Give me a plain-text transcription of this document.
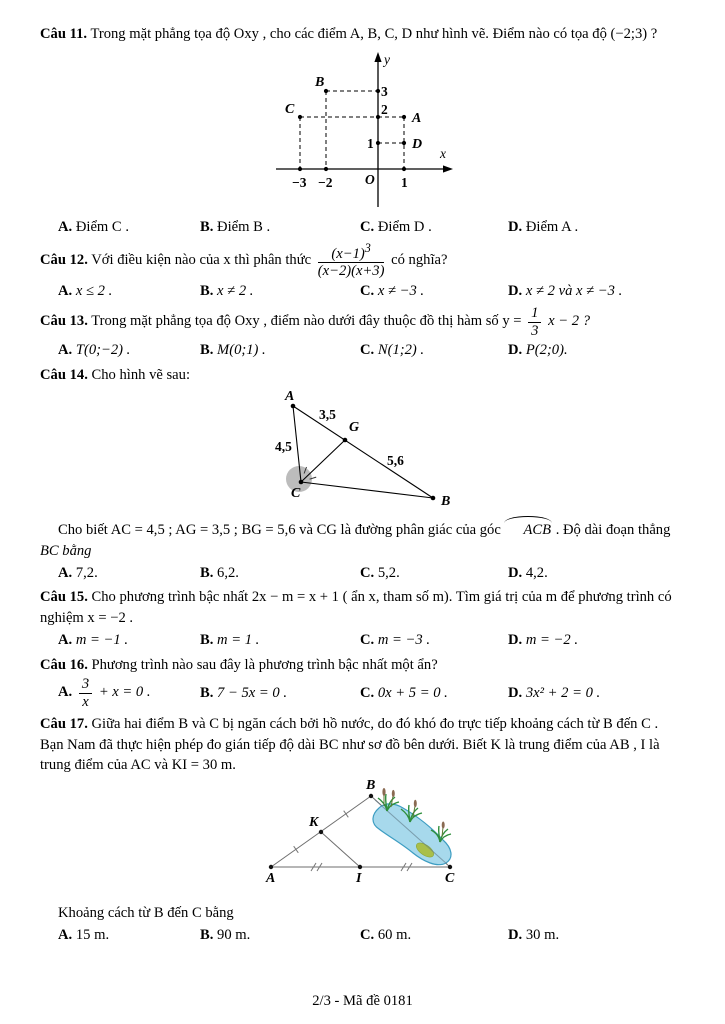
Câu 11. Trong mặt phẳng tọa độ Oxy , cho các điểm A, B, C, D như hình vẽ. Điểm nào có tọa độ (−2;3) ?

y
x
O
−3 −2	1
3
2
1
B
C
A
D
A. Điểm C .	B. Điểm B .	C. Điểm D .	D. Điểm A .

Câu 12. Với điều kiện nào của x thì phân thức $\frac{(x-1)^3}{(x-2)(x+3)}$ có nghĩa?

A. x ≤ 2 .	B. x ≠ 2 .	C. x ≠ −3 .	D. x ≠ 2 và x ≠ −3 .

Câu 13. Trong mặt phẳng tọa độ Oxy , điểm nào dưới đây thuộc đồ thị hàm số $y = \frac{1}{3}$ x − 2 ?

A. T(0;−2) .	B. M(0;1) .	C. N(1;2) .	D. P(2;0).

Câu 14. Cho hình vẽ sau:

A
G
B
C
3,5
4,5
5,6

Cho biết AC = 4,5 ; AG = 3,5 ; BG = 5,6 và CG là đường phân giác của góc ACB . Độ dài đoạn thẳng

BC bằng

A. 7,2.	B. 6,2.	C. 5,2.	D. 4,2.

Câu 15. Cho phương trình bậc nhất 2x − m = x + 1 ( ẩn x, tham số m). Tìm giá trị của m để phương trình có

nghiệm x = −2 .

A. m = −1 .	B. m = 1 .	C. m = −3 .	D. m = −2 .

Câu 16. Phương trình nào sau đây là phương trình bậc nhất một ẩn?

A. $\frac{3}{x} + x = 0$ .	B. 7 − 5x = 0 .	C. 0x + 5 = 0 .	D. 3x² + 2 = 0 .

Câu 17. Giữa hai điểm B và C bị ngăn cách bởi hồ nước, do đó khó đo trực tiếp khoảng cách từ B đến C .

Bạn Nam đã thực hiện phép đo gián tiếp độ dài BC như sơ đồ bên dưới. Biết K là trung điểm của AB , I là

trung điểm của AC và KI = 30 m.

B
K
A	I	C

Khoảng cách từ B đến C bằng

A. 15 m.	B. 90 m.	C. 60 m.	D. 30 m.
2/3 - Mã đề 0181
